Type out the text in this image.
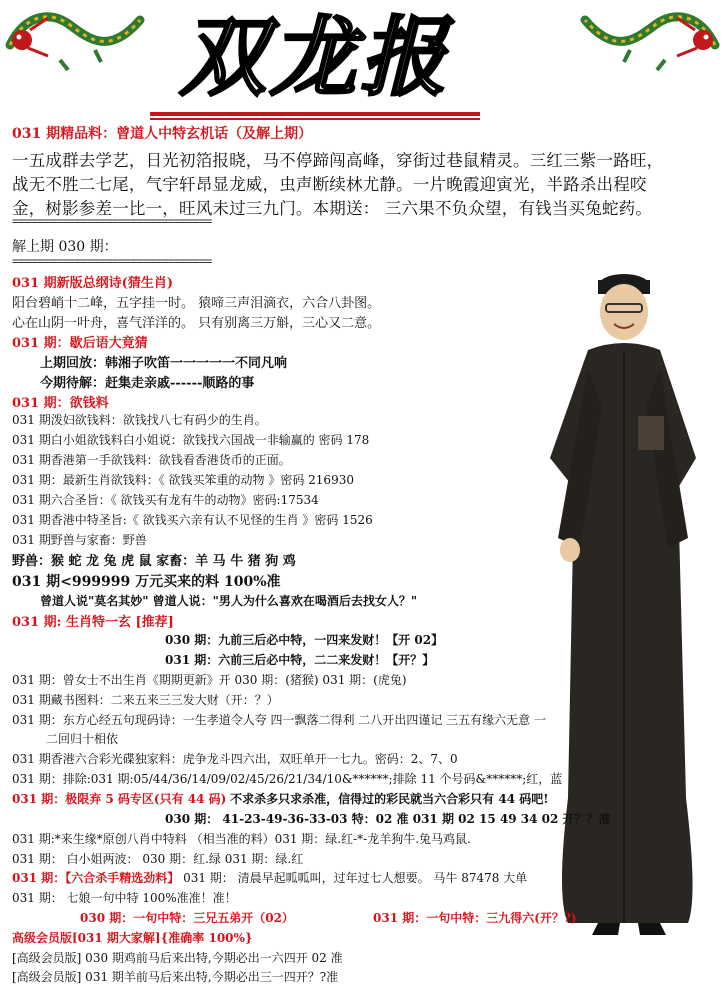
双龙报
031 期精品料：曾道人中特玄机话（及解上期）
一五成群去学艺，日光初箔报晓，马不停蹄闯高峰，穿街过巷鼠精灵。三红三紫一路旺，
战无不胜二七尾，气宇轩昂显龙威，虫声断续林尤静。一片晚霞迎寅光，半路杀出程咬
金，树影参差一比一，旺风未过三九门。本期送： 三六果不负众望，有钱当买兔蛇药。
================================
解上期 030 期：
================================
031 期新版总纲诗(猜生肖)
阳台碧峭十二峰，五字挂一时。 猿啼三声泪滴衣，六合八卦图。
心在山阴一叶舟，喜气洋洋的。 只有别离三万斛，三心又二意。
031 期：歇后语大竟猜
上期回放：韩湘子吹笛一一一一一不同凡响
今期待解：赶集走亲戚------顺路的事
031 期：欲钱料
031 期泼妇欲钱料：欲钱找八七有码少的生肖。
031 期白小姐欲钱料白小姐说：欲钱找六国战一非输赢的 密码 178
031 期香港第一手欲钱料：欲钱看香港货币的正面。
031 期：最新生肖欲钱料：《 欲钱买笨重的动物 》密码 216930
031 期六合圣旨：《 欲钱买有龙有牛的动物》密码:17534
031 期香港中特圣旨:《 欲钱买六亲有认不见怪的生肖 》密码 1526
031 期野兽与家畜：野兽
野兽：猴 蛇 龙 兔 虎 鼠 家畜：羊 马 牛 猪 狗 鸡
031 期<999999 万元买来的料 100%准
曾道人说"莫名其妙" 曾道人说："男人为什么喜欢在喝酒后去找女人？"
031 期: 生肖特一玄 [推荐]
030 期：九前三后必中特，一四来发财！【开 02】
031 期：六前三后必中特，二二来发财！【开？】
031 期：曾女士不出生肖《期期更新》开 030 期：(猪猴) 031 期：(虎兔)
031 期藏书图料：二来五来三三发大财（开：？）
031 期：东方心经五句现码诗：一生孝道令人夸 四一飘落二得利 二八开出四谨记 三五有缘六无意 一
二回归十相依
031 期香港六合彩光碟独家料：虎争龙斗四六出，双旺单开一七九。密码：2、7、0
031 期：排除:031 期:05/44/36/14/09/02/45/26/21/34/10&******;排除 11 个号码&******;红，蓝
031 期：极限弃 5 码专区(只有 44 码) 不求杀多只求杀准，信得过的彩民就当六合彩只有 44 码吧!
030 期： 41-23-49-36-33-03 特：02 准 031 期 02 15 49 34 02 开？？准
031 期:*来生缘*原创八肖中特料 （相当准的料）031 期：绿.红-*-龙羊狗牛.兔马鸡鼠.
031 期： 白小姐两波： 030 期：红.绿 031 期：绿.红
031 期：【六合杀手精选劲料】 031 期： 清晨早起呱呱叫，过年过七人想要。 马牛 87478 大单
031 期： 七娘一句中特 100%准准！准！
030 期：一句中特：三兄五弟开（02）	031 期：一句中特：三九得六(开？?)
高级会员版[031 期大家解]{准确率 100%}
[高级会员版] 030 期鸡前马后来出特,今期必出一六四开 02 准
[高级会员版] 031 期羊前马后来出特,今期必出三一四开？?准
